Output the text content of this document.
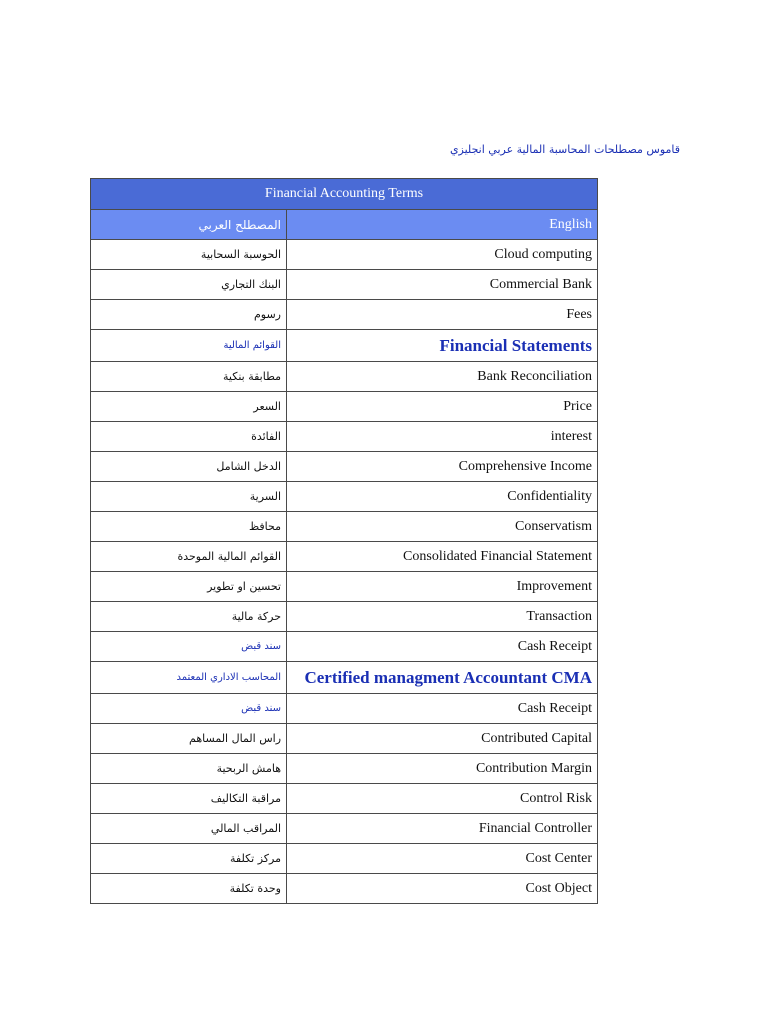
قاموس مصطلحات المحاسبة المالية عربي انجليزي
Financial Accounting Terms	
المصطلح العربي	English
الحوسبة السحابية	Cloud computing
البنك التجاري	Commercial Bank
رسوم	Fees
القوائم المالية	Financial Statements
مطابقة بنكية	Bank Reconciliation
السعر	Price
الفائدة	interest
الدخل الشامل	Comprehensive Income
السرية	Confidentiality
محافظ	Conservatism
القوائم المالية الموحدة	Consolidated Financial Statement
تحسين او تطوير	Improvement
حركة مالية	Transaction
سند قبض	Cash Receipt
المحاسب الاداري المعتمد	Certified managment Accountant CMA
سند قبض	Cash Receipt
راس المال المساهم	Contributed Capital
هامش الربحية	Contribution Margin
مراقبة التكاليف	Control Risk
المراقب المالي	Financial Controller
مركز تكلفة	Cost Center
وحدة تكلفة	Cost Object
